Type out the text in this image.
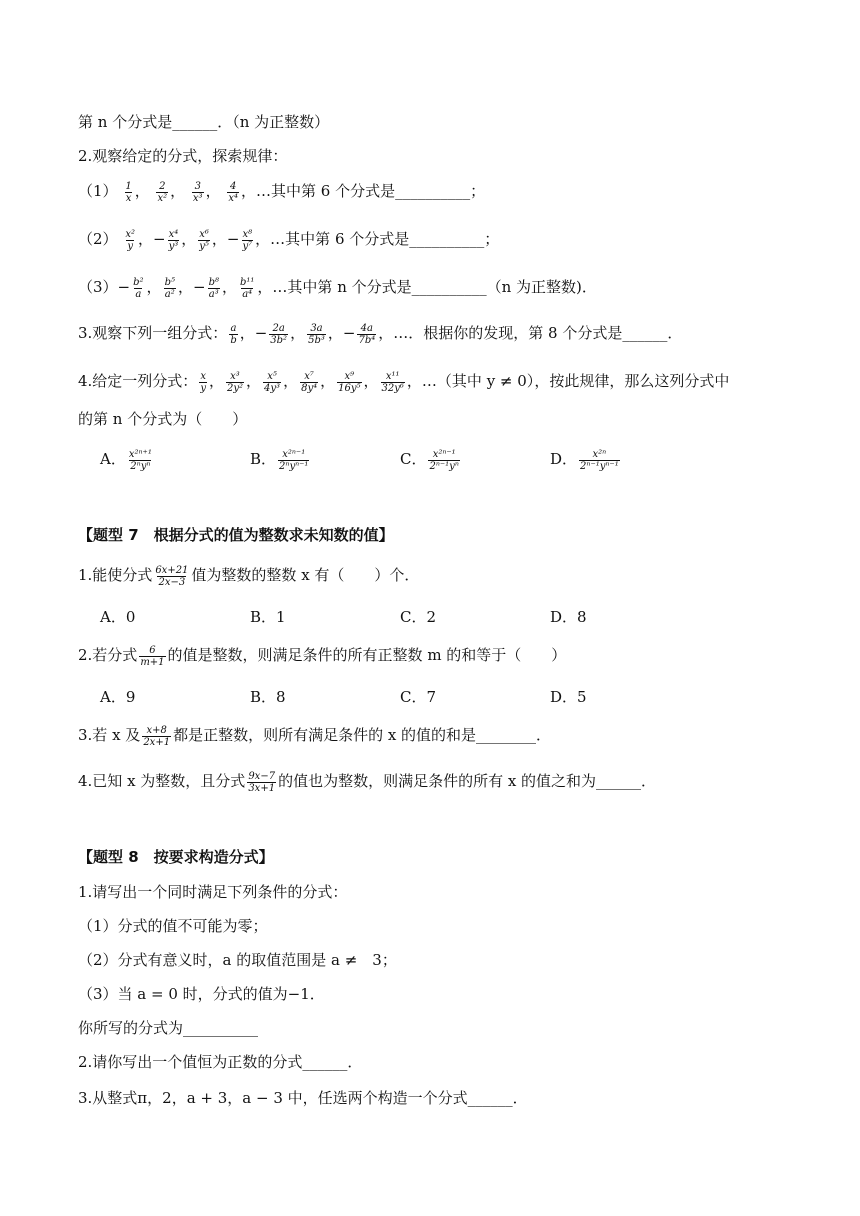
第 n 个分式是______．（n 为正整数）
2.观察给定的分式，探索规律：
$(1) \frac{1}{x}$ ， $\frac{2}{\text{x²}}$ ， $\frac{3}{\text{x³}}$ ， $\frac{4}{\text{x⁴}}$ ，…其中第 6 个分式是__________；
$(2) \frac{\text{x²}}{y}$ ，− $\frac{\text{x⁴}}{\text{y³}}$ ， $\frac{\text{x⁶}}{\text{y⁵}}$ ，− $\frac{\text{x⁸}}{\text{y⁷}}$ ，…其中第 6 个分式是__________；
$(3)- \frac{\text{b²}}{a}$ ， $\frac{\text{b⁵}}{\text{a²}}$ ，− $\frac{\text{b⁸}}{\text{a³}}$ ， $\frac{\text{b¹¹}}{\text{a⁴}}$ ，…其中第 n 个分式是__________（n 为正整数)．
3.观察下列一组分式： $\frac{a}{b}$ ，− $\frac{2a}{\text{3b²}}$ ， $\frac{3a}{\text{5b³}}$ ，− $\frac{4a}{\text{7b⁴}}$ ，…．根据你的发现，第 8 个分式是______．
4.给定一列分式： $\frac{x}{y}$ ， $\frac{\text{x³}}{\text{2y²}}$ ， $\frac{\text{x⁵}}{\text{4y³}}$ ， $\frac{\text{x⁷}}{\text{8y⁴}}$ ， $\frac{\text{x⁹}}{\text{16y⁵}}$ ， $\frac{\text{x¹¹}}{\text{32y⁶}}$ ，…（其中 y ≠ 0），按此规律，那么这列分式中
的第 n 个分式为（　　）
A． $\frac{\text{x²ⁿ⁺¹}}{\text{2ⁿyⁿ}}$	B． $\frac{\text{x²ⁿ⁻¹}}{\text{2ⁿyⁿ⁻¹}}$	C． $\frac{\text{x²ⁿ⁻¹}}{\text{2ⁿ⁻¹yⁿ}}$	D． $\frac{\text{x²ⁿ}}{\text{2ⁿ⁻¹yⁿ⁻¹}}$
【题型 7　根据分式的值为整数求未知数的值】
1.能使分式 $\frac{6x+21}{2x-3}$ 值为整数的整数 x 有（　　）个．
A．0	B．1	C．2	D．8
2.若分式 $\frac{6}{m+1}$ 的值是整数，则满足条件的所有正整数 m 的和等于（　　）
A．9	B．8	C．7	D．5
3.若 x 及 $\frac{x+8}{2x+1}$ 都是正整数，则所有满足条件的 x 的值的和是________．
4.已知 x 为整数，且分式 $\frac{9x-7}{3x+1}$ 的值也为整数，则满足条件的所有 x 的值之和为______．
【题型 8　按要求构造分式】
1.请写出一个同时满足下列条件的分式：
（1）分式的值不可能为零；
（2）分式有意义时，a 的取值范围是 a ≠　3；
（3）当 a = 0 时，分式的值为−1．
你所写的分式为__________
2.请你写出一个值恒为正数的分式______．
3.从整式π，2，a + 3，a − 3 中，任选两个构造一个分式______．
